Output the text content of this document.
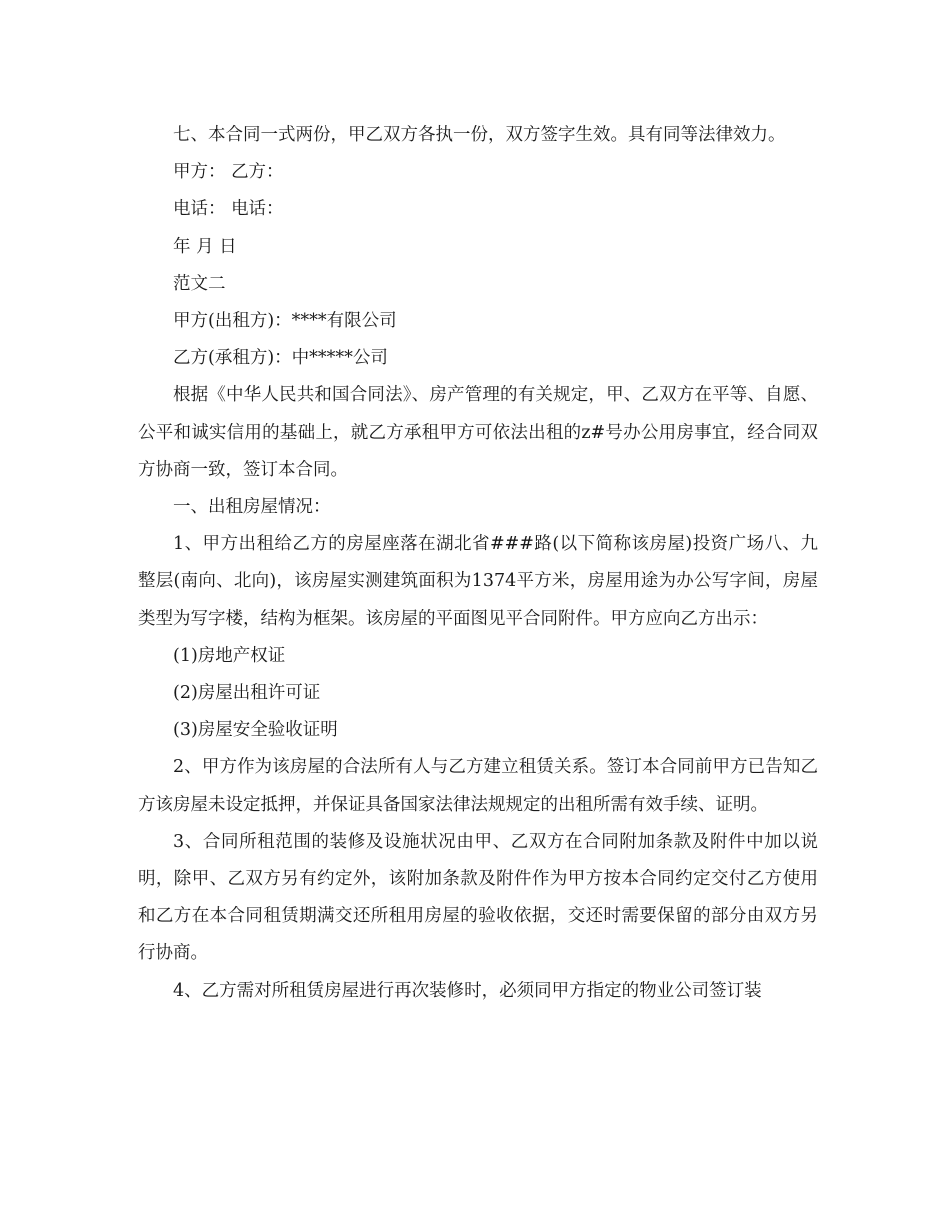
七、本合同一式两份，甲乙双方各执一份，双方签字生效。具有同等法律效力。

甲方： 乙方：

电话： 电话：

年 月 日

范文二

甲方(出租方)：****有限公司

乙方(承租方)：中*****公司

根据《中华人民共和国合同法》、房产管理的有关规定，甲、乙双方在平等、自愿、公平和诚实信用的基础上，就乙方承租甲方可依法出租的z#号办公用房事宜，经合同双方协商一致，签订本合同。

一、出租房屋情况：

1、甲方出租给乙方的房屋座落在湖北省###路(以下简称该房屋)投资广场八、九整层(南向、北向)，该房屋实测建筑面积为1374平方米，房屋用途为办公写字间，房屋类型为写字楼，结构为框架。该房屋的平面图见平合同附件。甲方应向乙方出示：

(1)房地产权证

(2)房屋出租许可证

(3)房屋安全验收证明

2、甲方作为该房屋的合法所有人与乙方建立租赁关系。签订本合同前甲方已告知乙方该房屋未设定抵押，并保证具备国家法律法规规定的出租所需有效手续、证明。

3、合同所租范围的装修及设施状况由甲、乙双方在合同附加条款及附件中加以说明，除甲、乙双方另有约定外，该附加条款及附件作为甲方按本合同约定交付乙方使用和乙方在本合同租赁期满交还所租用房屋的验收依据，交还时需要保留的部分由双方另行协商。

4、乙方需对所租赁房屋进行再次装修时，必须同甲方指定的物业公司签订装
